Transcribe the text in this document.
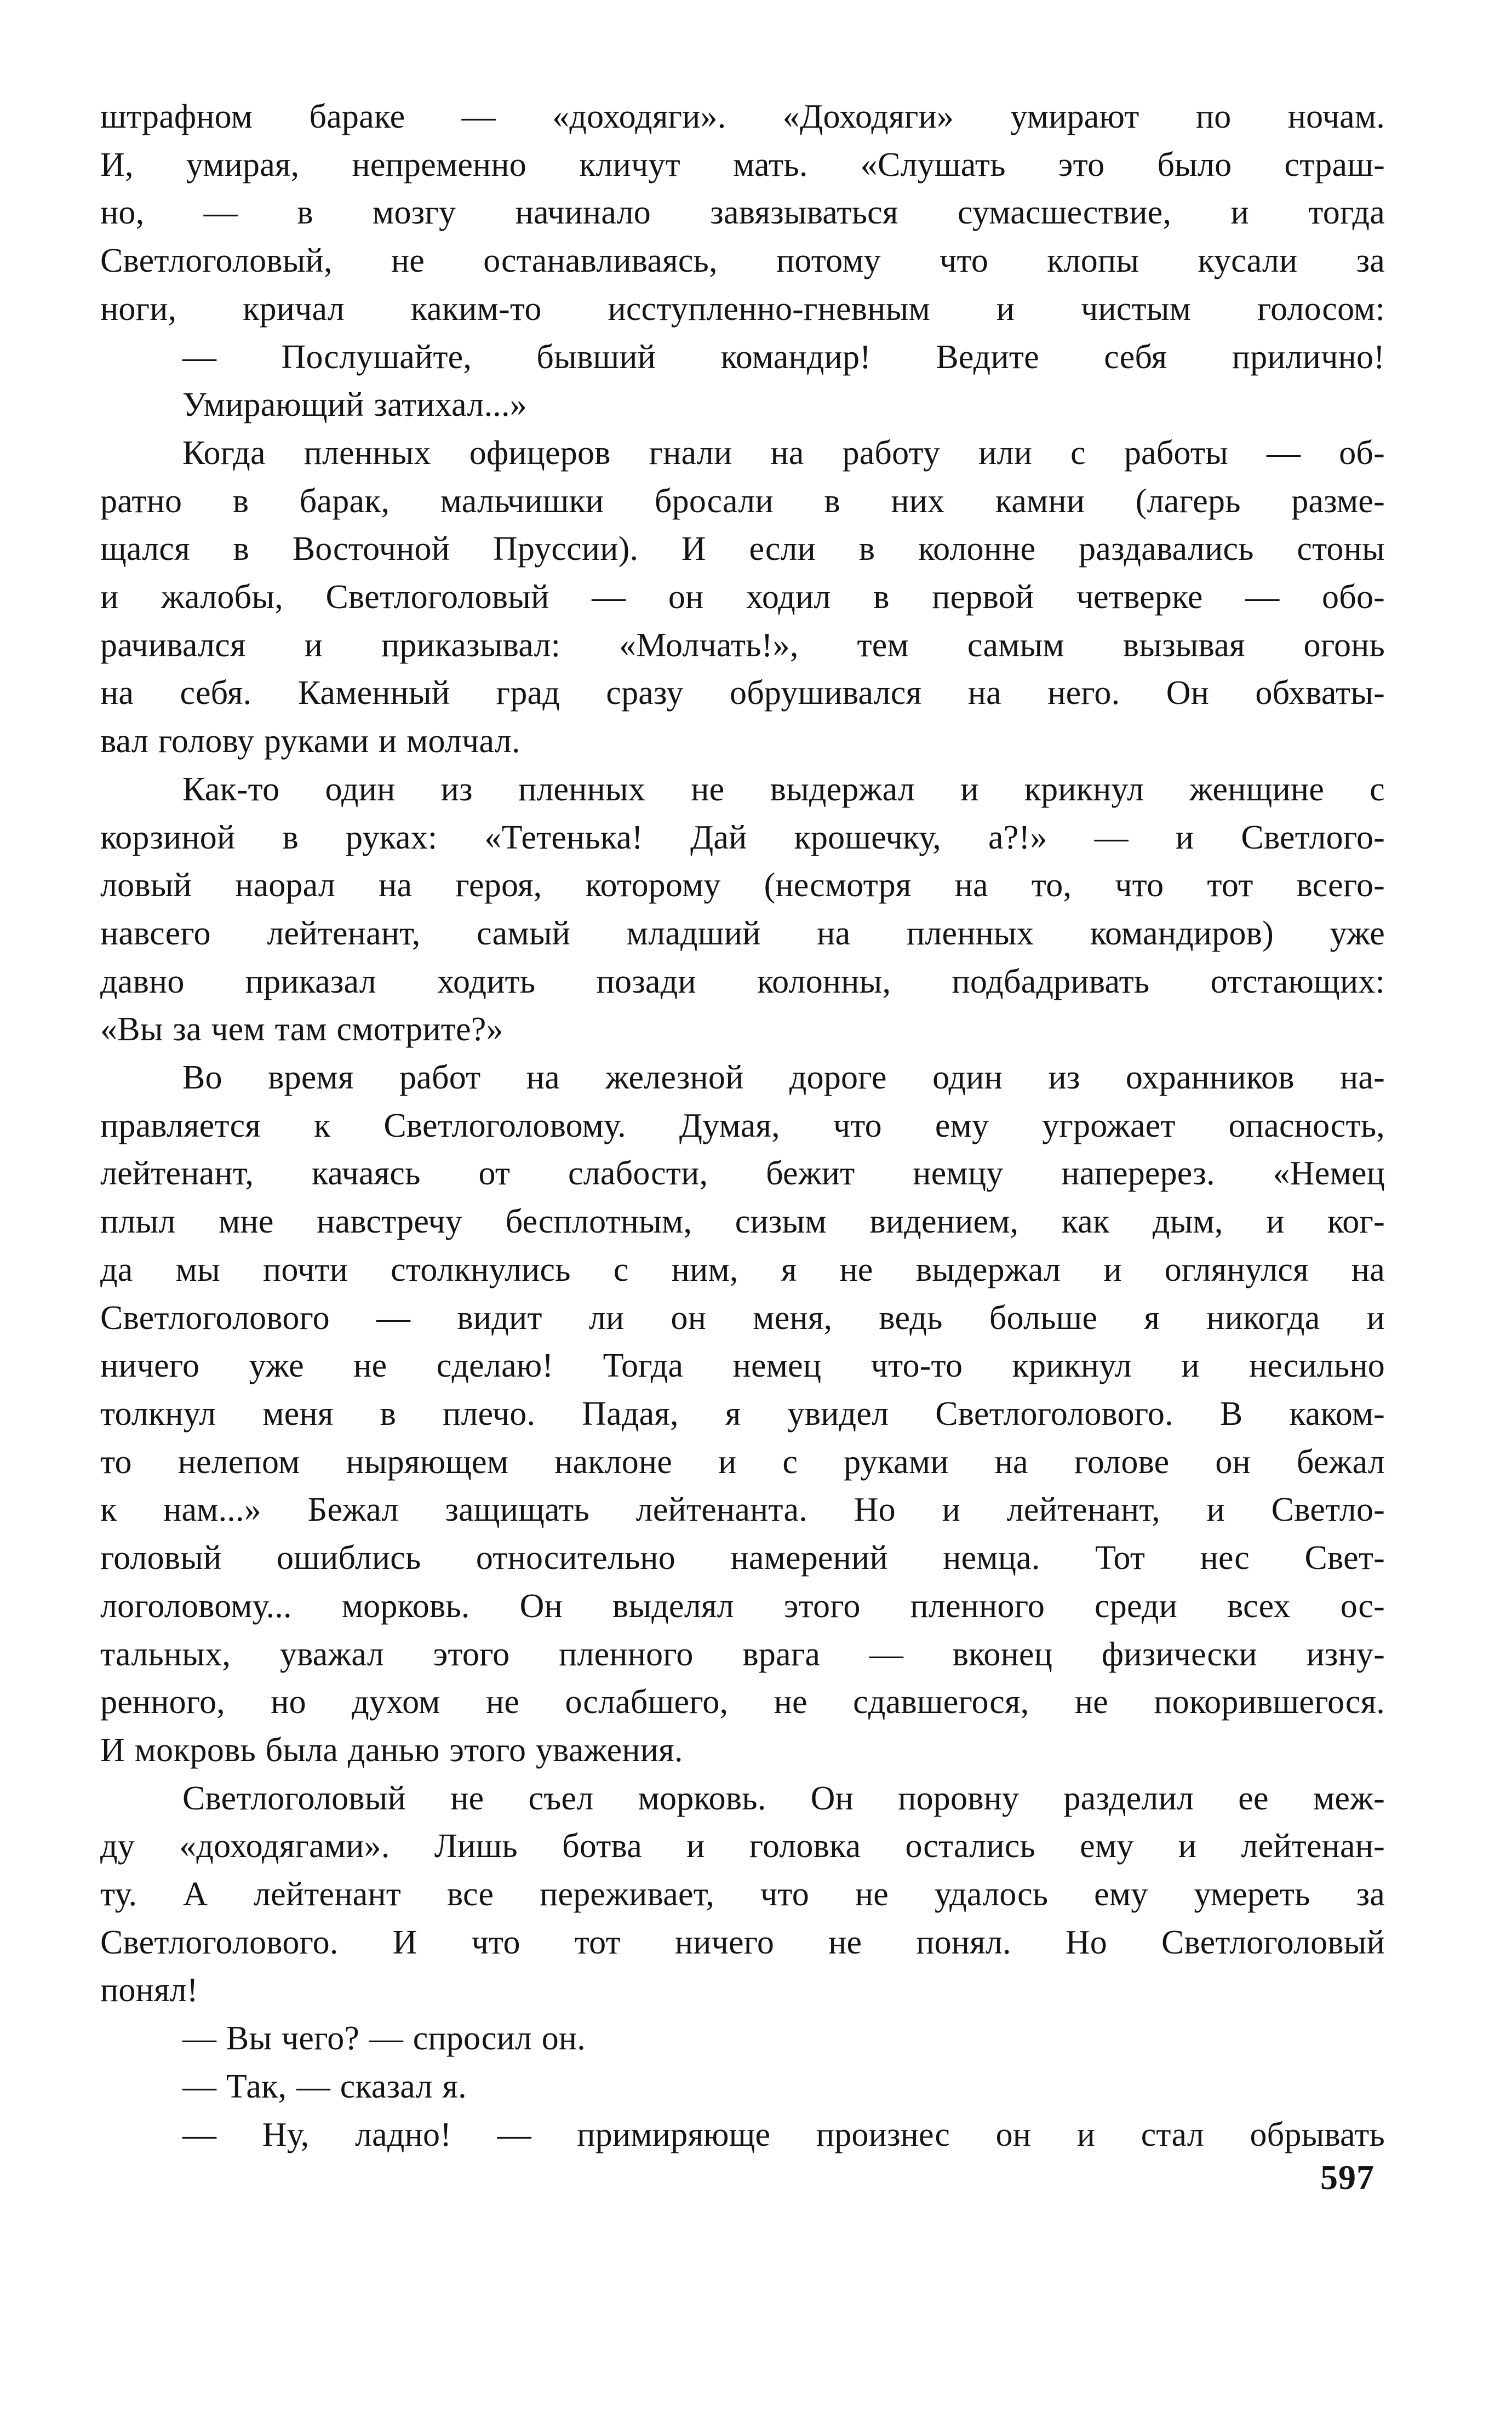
штрафном бараке — «доходяги». «Доходяги» умирают по ночам.

И, умирая, непременно кличут мать. «Слушать это было страш-

но, — в мозгу начинало завязываться сумасшествие, и тогда

Светлоголовый, не останавливаясь, потому что клопы кусали за

ноги, кричал каким-то исступленно-гневным и чистым голосом:

— Послушайте, бывший командир! Ведите себя прилично!

Умирающий затихал...»

Когда пленных офицеров гнали на работу или с работы — об-

ратно в барак, мальчишки бросали в них камни (лагерь разме-

щался в Восточной Пруссии). И если в колонне раздавались стоны

и жалобы, Светлоголовый — он ходил в первой четверке — обо-

рачивался и приказывал: «Молчать!», тем самым вызывая огонь

на себя. Каменный град сразу обрушивался на него. Он обхваты-

вал голову руками и молчал.

Как-то один из пленных не выдержал и крикнул женщине с

корзиной в руках: «Тетенька! Дай крошечку, а?!» — и Светлого-

ловый наорал на героя, которому (несмотря на то, что тот всего-

навсего лейтенант, самый младший на пленных командиров) уже

давно приказал ходить позади колонны, подбадривать отстающих:

«Вы за чем там смотрите?»

Во время работ на железной дороге один из охранников на-

правляется к Светлоголовому. Думая, что ему угрожает опасность,

лейтенант, качаясь от слабости, бежит немцу наперерез. «Немец

плыл мне навстречу бесплотным, сизым видением, как дым, и ког-

да мы почти столкнулись с ним, я не выдержал и оглянулся на

Светлоголового — видит ли он меня, ведь больше я никогда и

ничего уже не сделаю! Тогда немец что-то крикнул и несильно

толкнул меня в плечо. Падая, я увидел Светлоголового. В каком-

то нелепом ныряющем наклоне и с руками на голове он бежал

к нам...» Бежал защищать лейтенанта. Но и лейтенант, и Светло-

головый ошиблись относительно намерений немца. Тот нес Свет-

логоловому... морковь. Он выделял этого пленного среди всех ос-

тальных, уважал этого пленного врага — вконец физически изну-

ренного, но духом не ослабшего, не сдавшегося, не покорившегося.

И мокровь была данью этого уважения.

Светлоголовый не съел морковь. Он поровну разделил ее меж-

ду «доходягами». Лишь ботва и головка остались ему и лейтенан-

ту. А лейтенант все переживает, что не удалось ему умереть за

Светлоголового. И что тот ничего не понял. Но Светлоголовый

понял!

— Вы чего? — спросил он.

— Так, — сказал я.

— Ну, ладно! — примиряюще произнес он и стал обрывать

597
